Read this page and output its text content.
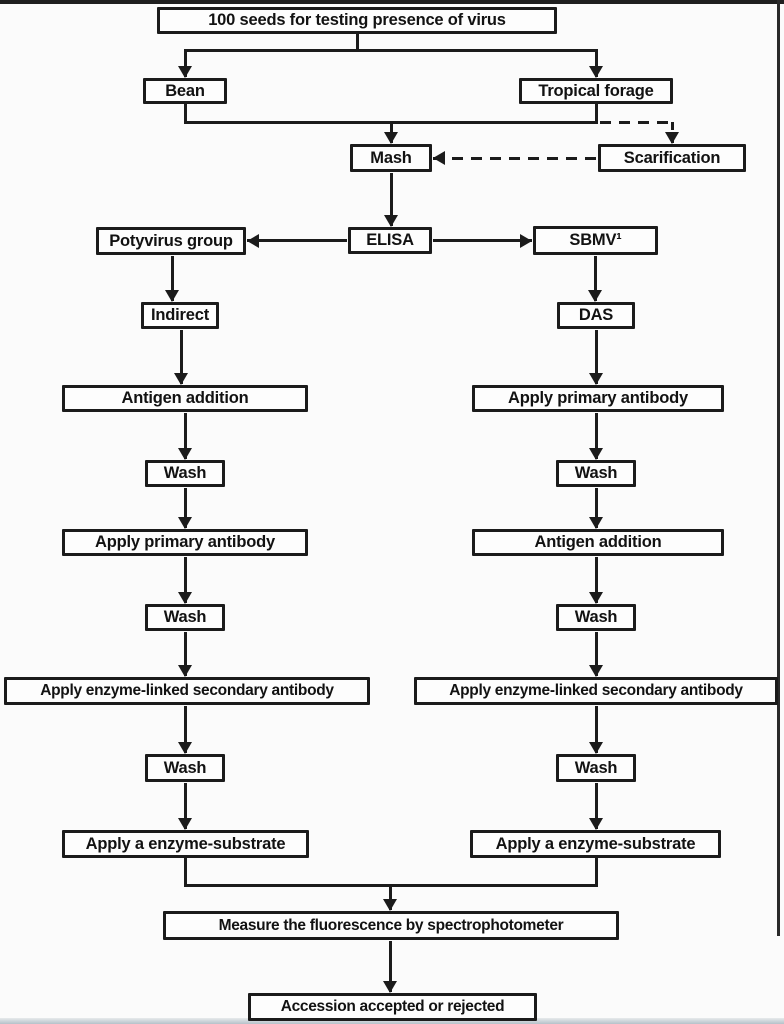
100 seeds for testing presence of virus
Bean	Tropical forage
Mash	Scarification
Potyvirus group	ELISA	SBMV¹
Indirect	DAS
Antigen addition	Apply primary antibody
Wash	Wash
Apply primary antibody	Antigen addition
Wash	Wash
Apply enzyme-linked secondary antibody	Apply enzyme-linked secondary antibody
Wash	Wash
Apply a enzyme-substrate	Apply a enzyme-substrate
Measure the fluorescence by spectrophotometer
Accession accepted or rejected
